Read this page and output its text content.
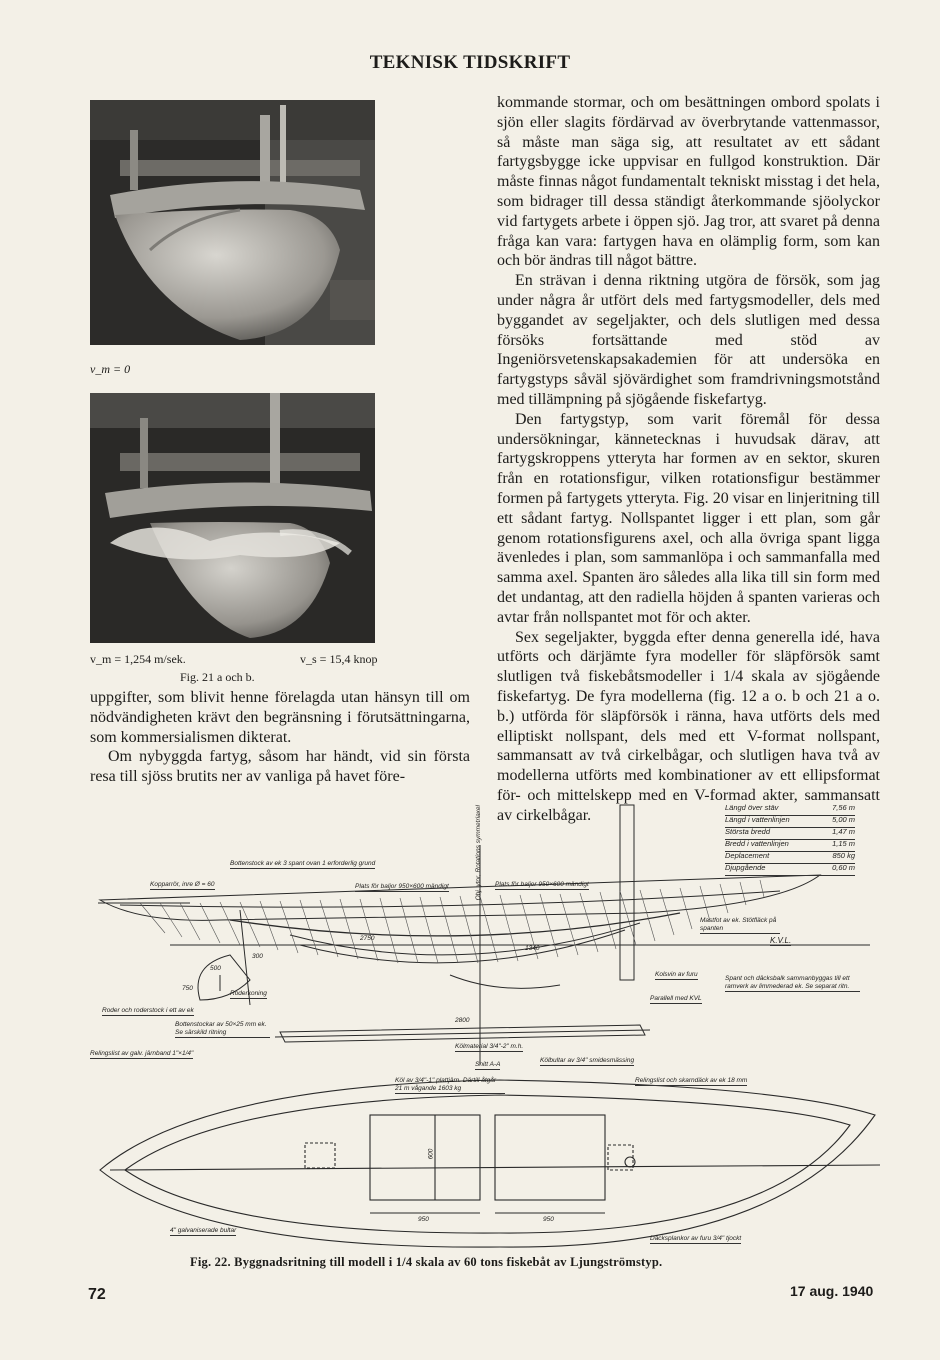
TEKNISK TIDSKRIFT
v_m = 0
v_m = 1,254 m/sek.	v_s = 15,4 knop
Fig. 21 a och b.

uppgifter, som blivit henne förelagda utan hänsyn till om nödvändigheten krävt den begränsning i förutsättningarna, som kommersialismen dikterat.

Om nybyggda fartyg, såsom har händt, vid sin första resa till sjöss brutits ner av vanliga på havet före-

kommande stormar, och om besättningen ombord spolats i sjön eller slagits fördärvad av överbrytande vattenmassor, så måste man säga sig, att resultatet av ett sådant fartygsbygge icke uppvisar en fullgod konstruktion. Där måste finnas något fundamentalt tekniskt misstag i det hela, som bidrager till dessa ständigt återkommande sjöolyckor vid fartygets arbete i öppen sjö. Jag tror, att svaret på denna fråga kan vara: fartygen hava en olämplig form, som kan och bör ändras till något bättre.

En strävan i denna riktning utgöra de försök, som jag under några år utfört dels med fartygsmodeller, dels med byggandet av segeljakter, och dels slutligen med dessa försöks fortsättande med stöd av Ingeniörsvetenskapsakademien för att undersöka en fartygstyps såväl sjövärdighet som framdrivningsmotstånd med tillämpning på sjögående fiskefartyg.

Den fartygstyp, som varit föremål för dessa undersökningar, kännetecknas i huvudsak därav, att fartygskroppens ytteryta har formen av en sektor, skuren från en rotationsfigur, vilken rotationsfigur bestämmer formen på fartygets ytteryta. Fig. 20 visar en linjeritning till ett sådant fartyg. Nollspantet ligger i ett plan, som går genom rotationsfigurens axel, och alla övriga spant ligga ävenledes i plan, som sammanlöpa i och sammanfalla med samma axel. Spanten äro således alla lika till sin form med det undantag, att den radiella höjden å spanten varieras och avtar från nollspantet mot för och akter.

Sex segeljakter, byggda efter denna generella idé, hava utförts och därjämte fyra modeller för släpförsök samt slutligen två fiskebåtsmodeller i 1/4 skala av sjögående fiskefartyg. De fyra modellerna (fig. 12 a o. b och 21 a o. b.) utförda för släpförsök i ränna, hava utförts dels med elliptiskt nollspant, dels med ett V-format nollspant, sammansatt av två cirkelbågar, och slutligen hava två av modellerna utförts med kombinationer av ett ellipsformat för- och mittelskepp med en V-formad akter, sammansatt av cirkelbågar.	Längd över stäv	7,56 m
Längd i vattenlinjen	5,00 m
Största bredd	1,47 m
Bredd i vattenlinjen	1,15 m
Deplacement	850 kg
Djupgående	0,60 m
Bottenstock av ek 3 spant ovan 1 erforderlig grund
Kopparrör, inre Ø = 60	Plats för baljor 950×600 mändigt	Plats för baljor 950×600 mändigt
Obj. ytor, Rotations symmetriaxel
Mastfot av ek. Stötfläck på spanten
K.V.L.
Spant och däcksbalk sammanbyggas till ett ramverk av limmederad ek. Se separat ritn.
Kolsvin av furu
Parallell med KVL
Roder och roderstock i ett av ek
Roderkoning
Bottenstockar av 50×25 mm ek. Se särskild ritning
2800
Kölmaterial 3/4"-2" m.h.
Snitt A-A
Köl av 3/4"-1" plattjärn. Därtill åtgår 21 m vågande 1603 kg
Kölbultar av 3/4" smidesmässing
Relingslist av galv. järnband 1"×1/4"
Relingslist och skarndäck av ek 18 mm
4" galvaniserade bultar
Däcksplankor av furu 3/4" tjockt
950	950
600
2750
1340
300
500
750
Fig. 22. Byggnadsritning till modell i 1/4 skala av 60 tons fiskebåt av Ljungströmstyp.
72	17 aug. 1940
